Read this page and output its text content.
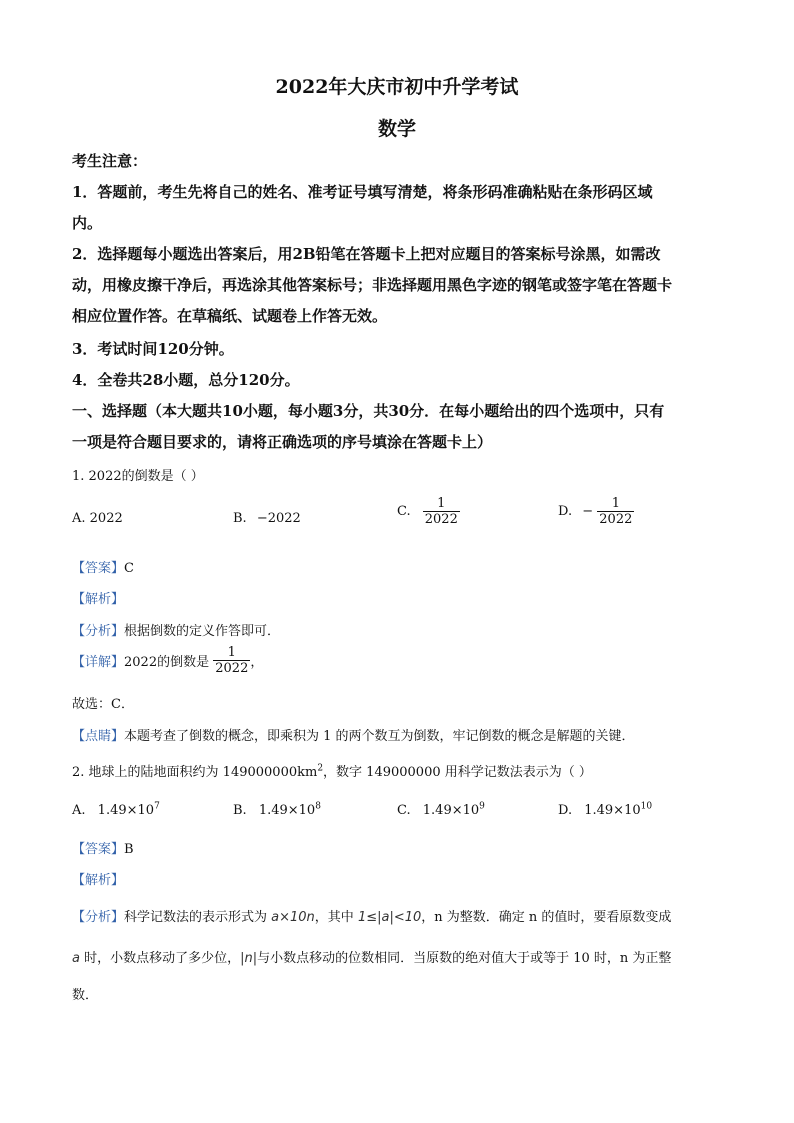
2022年大庆市初中升学考试
数学
考生注意：
1．答题前，考生先将自己的姓名、准考证号填写清楚，将条形码准确粘贴在条形码区域
内。
2．选择题每小题选出答案后，用2B铅笔在答题卡上把对应题目的答案标号涂黑，如需改
动，用橡皮擦干净后，再选涂其他答案标号；非选择题用黑色字迹的钢笔或签字笔在答题卡
相应位置作答。在草稿纸、试题卷上作答无效。
3．考试时间120分钟。
4．全卷共28小题，总分120分。
一、选择题（本大题共10小题，每小题3分，共30分．在每小题给出的四个选项中，只有
一项是符合题目要求的，请将正确选项的序号填涂在答题卡上）
1. 2022的倒数是（ ）
A. 2022	B. −2022	C. $\frac{1}{2022}$	D. − $\frac{1}{2022}$
【答案】C
【解析】
【分析】根据倒数的定义作答即可．
【详解】2022的倒数是 $\frac{1}{2022}$ ，
故选：C．
【点睛】本题考查了倒数的概念，即乘积为 1 的两个数互为倒数，牢记倒数的概念是解题的关键．
2. 地球上的陆地面积约为 $149000000km^2$，数字 149000000 用科学记数法表示为（ ）
A. $1.49\times 10^7$	B. $1.49\times 10^8$	C. $1.49\times 10^9$	D. $1.49\times 10^{10}$
【答案】B
【解析】
【分析】科学记数法的表示形式为 a×10n，其中 1≤|a|<10，n 为整数．确定 n 的值时，要看原数变成
a 时，小数点移动了多少位，|n|与小数点移动的位数相同．当原数的绝对值大于或等于 10 时，n 为正整
数．
